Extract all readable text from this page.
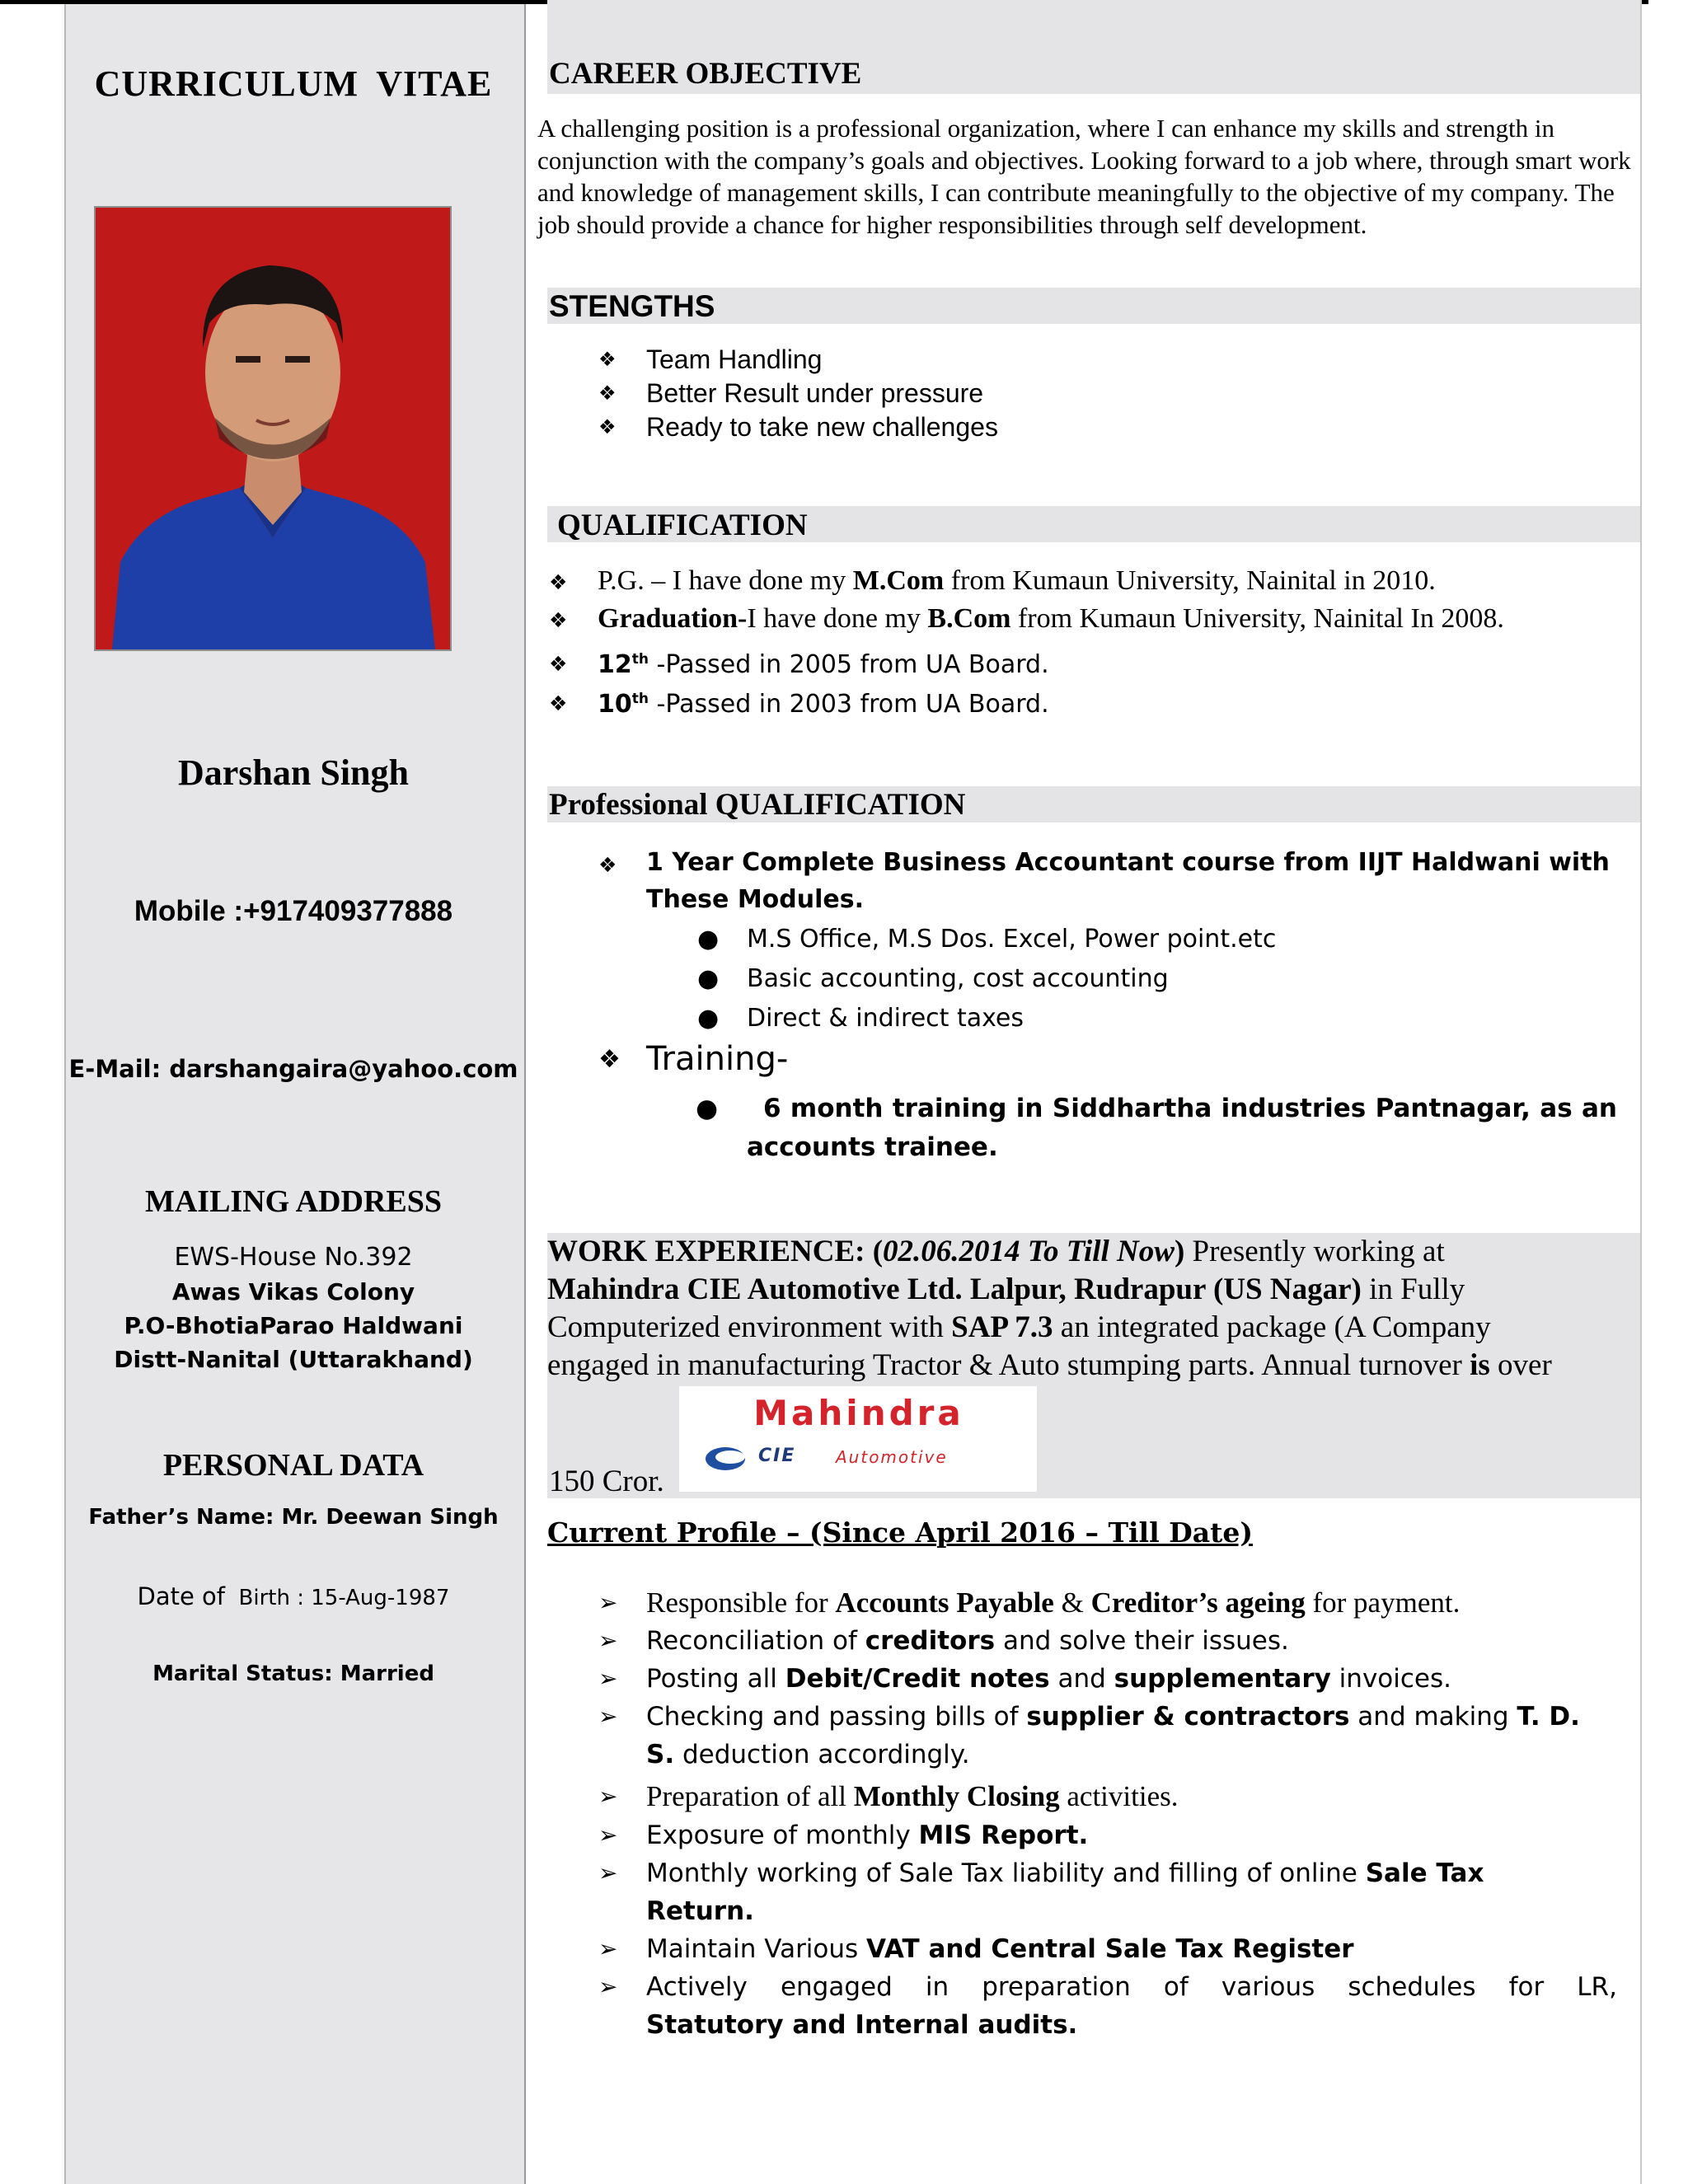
CURRICULUM VITAE
Darshan Singh
Mobile :+917409377888
E-Mail: darshangaira@yahoo.com
MAILING ADDRESS
EWS-House No.392
Awas Vikas Colony
P.O-BhotiaParao Haldwani
Distt-Nanital (Uttarakhand)
PERSONAL DATA
Father’s Name: Mr. Deewan Singh
Date of Birth : 15-Aug-1987
Marital Status: Married
CAREER OBJECTIVE
A challenging position is a professional organization, where I can enhance my skills and strength in conjunction with the company’s goals and objectives. Looking forward to a job where, through smart work and knowledge of management skills, I can contribute meaningfully to the objective of my company. The job should provide a chance for higher responsibilities through self development.
STENGTHS
❖ Team Handling
❖ Better Result under pressure
❖ Ready to take new challenges
QUALIFICATION
❖ P.G. – I have done my M.Com from Kumaun University, Nainital in 2010.
❖ Graduation-I have done my B.Com from Kumaun University, Nainital In 2008.
❖ 12th -Passed in 2005 from UA Board.
❖ 10th -Passed in 2003 from UA Board.
Professional QUALIFICATION
❖ 1 Year Complete Business Accountant course from IIJT Haldwani with These Modules.
● M.S Office, M.S Dos. Excel, Power point.etc
● Basic accounting, cost accounting
● Direct & indirect taxes
❖ Training-
●	6 month training in Siddhartha industries Pantnagar, as an
accounts trainee.
WORK EXPERIENCE: (02.06.2014 To Till Now) Presently working at
Mahindra CIE Automotive Ltd. Lalpur, Rudrapur (US Nagar) in Fully
Computerized environment with SAP 7.3 an integrated package (A Company
engaged in manufacturing Tractor & Auto stumping parts. Annual turnover is over
150 Cror.
Mahindra
CIE Automotive
Current Profile – (Since April 2016 – Till Date)
➢ Responsible for Accounts Payable & Creditor’s ageing for payment.
➢ Reconciliation of creditors and solve their issues.
➢ Posting all Debit/Credit notes and supplementary invoices.
➢ Checking and passing bills of supplier & contractors and making T. D.
S. deduction accordingly.
➢ Preparation of all Monthly Closing activities.
➢ Exposure of monthly MIS Report.
➢ Monthly working of Sale Tax liability and filling of online Sale Tax
Return.
➢ Maintain Various VAT and Central Sale Tax Register
➢ Actively engaged in preparation of various schedules for LR,
Statutory and Internal audits.
